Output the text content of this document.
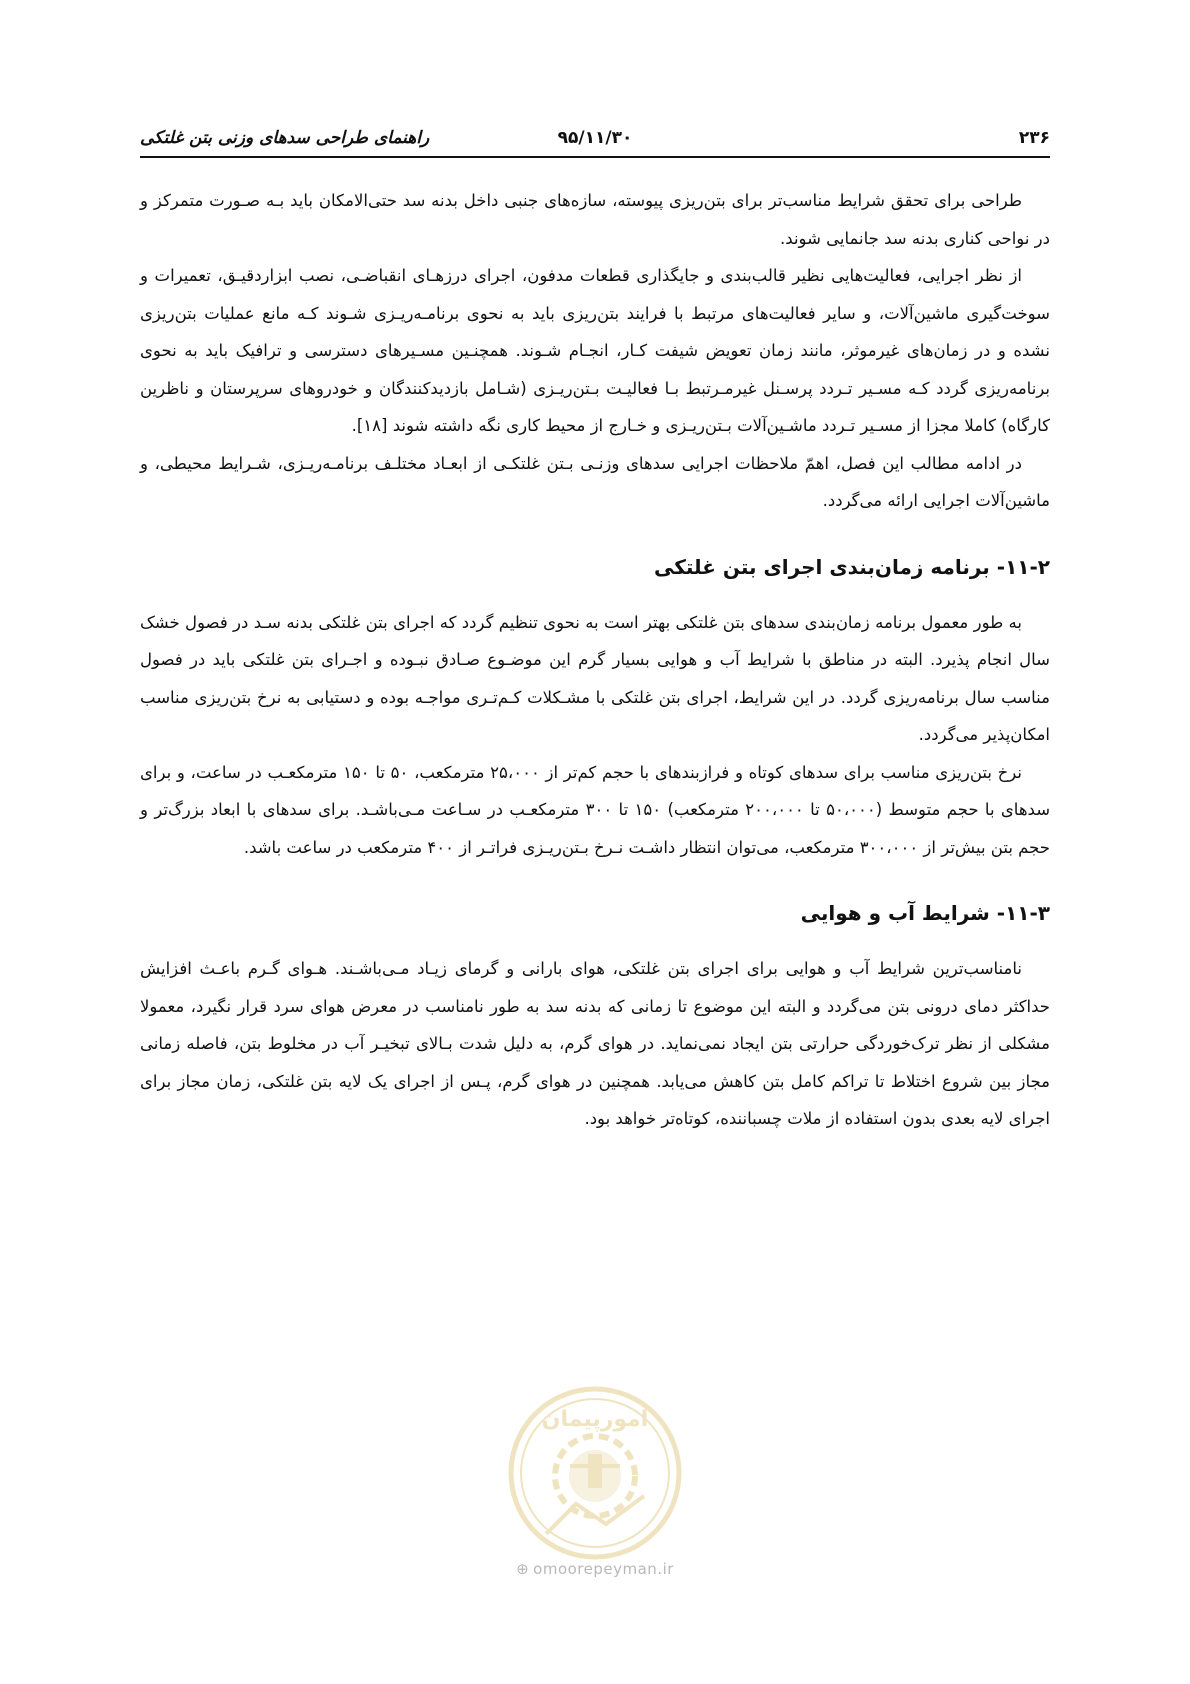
۲۳۶
۹۵/۱۱/۳۰
راهنمای طراحی سدهای وزنی بتن غلتکی

طراحی برای تحقق شرایط مناسب‌تر برای بتن‌ریزی پیوسته، سازه‌های جنبی داخل بدنه سد حتی‌الامکان باید بـه صـورت متمرکز و در نواحی کناری بدنه سد جانمایی شوند.

از نظر اجرایی، فعالیت‌هایی نظیر قالب‌بندی و جایگذاری قطعات مدفون، اجرای درزهـای انقباضـی، نصب ابزاردقیـق، تعمیرات و سوخت‌گیری ماشین‌آلات، و سایر فعالیت‌های مرتبط با فرایند بتن‌ریزی باید به نحوی برنامـه‌ریـزی شـوند کـه مانع عملیات بتن‌ریزی نشده و در زمان‌های غیرموثر، مانند زمان تعویض شیفت کـار، انجـام شـوند. همچنـین مسـیرهای دسترسی و ترافیک باید به نحوی برنامه‌ریزی گردد کـه مسـیر تـردد پرسـنل غیرمـرتبط بـا فعالیـت بـتن‌ریـزی (شـامل بازدیدکنندگان و خودروهای سرپرستان و ناظرین کارگاه) کاملا مجزا از مسـیر تـردد ماشـین‌آلات بـتن‌ریـزی و خـارج از محیط کاری نگه داشته شوند [۱۸].

در ادامه مطالب این فصل، اهمّ ملاحظات اجرایی سدهای وزنـی بـتن غلتکـی از ابعـاد مختلـف برنامـه‌ریـزی، شـرایط محیطی، و ماشین‌آلات اجرایی ارائه می‌گردد.

۱۱-۲- برنامه زمان‌بندی اجرای بتن غلتکی

به طور معمول برنامه زمان‌بندی سدهای بتن غلتکی بهتر است به نحوی تنظیم گردد که اجرای بتن غلتکی بدنه سـد در فصول خشک سال انجام پذیرد. البته در مناطق با شرایط آب و هوایی بسیار گرم این موضـوع صـادق نبـوده و اجـرای بتن غلتکی باید در فصول مناسب سال برنامه‌ریزی گردد. در این شرایط، اجرای بتن غلتکی با مشـکلات کـم‌تـری مواجـه بوده و دستیابی به نرخ بتن‌ریزی مناسب امکان‌پذیر می‌گردد.

نرخ بتن‌ریزی مناسب برای سدهای کوتاه و فرازبندهای با حجم کم‌تر از ۲۵،۰۰۰ مترمکعب، ۵۰ تا ۱۵۰ مترمکعـب در ساعت، و برای سدهای با حجم متوسط (۵۰،۰۰۰ تا ۲۰۰،۰۰۰ مترمکعب) ۱۵۰ تا ۳۰۰ مترمکعـب در سـاعت مـی‌باشـد. برای سدهای با ابعاد بزرگ‌تر و حجم بتن بیش‌تر از ۳۰۰،۰۰۰ مترمکعب، می‌توان انتظار داشـت نـرخ بـتن‌ریـزی فراتـر از ۴۰۰ مترمکعب در ساعت باشد.

۱۱-۳- شرایط آب و هوایی

نامناسب‌ترین شرایط آب و هوایی برای اجرای بتن غلتکی، هوای بارانی و گرمای زیـاد مـی‌باشـند. هـوای گـرم باعـث افزایش حداکثر دمای درونی بتن می‌گردد و البته این موضوع تا زمانی که بدنه سد به طور نامناسب در معرض هوای سرد قرار نگیرد، معمولا مشکلی از نظر ترک‌خوردگی حرارتی بتن ایجاد نمی‌نماید. در هوای گرم، به دلیل شدت بـالای تبخیـر آب در مخلوط بتن، فاصله زمانی مجاز بین شروع اختلاط تا تراکم کامل بتن کاهش می‌یابد. همچنین در هوای گرم، پـس از اجرای یک لایه بتن غلتکی، زمان مجاز برای اجرای لایه بعدی بدون استفاده از ملات چسباننده، کوتاه‌تر خواهد بود.

امورپیمان
⊕ omoorepeyman.ir
